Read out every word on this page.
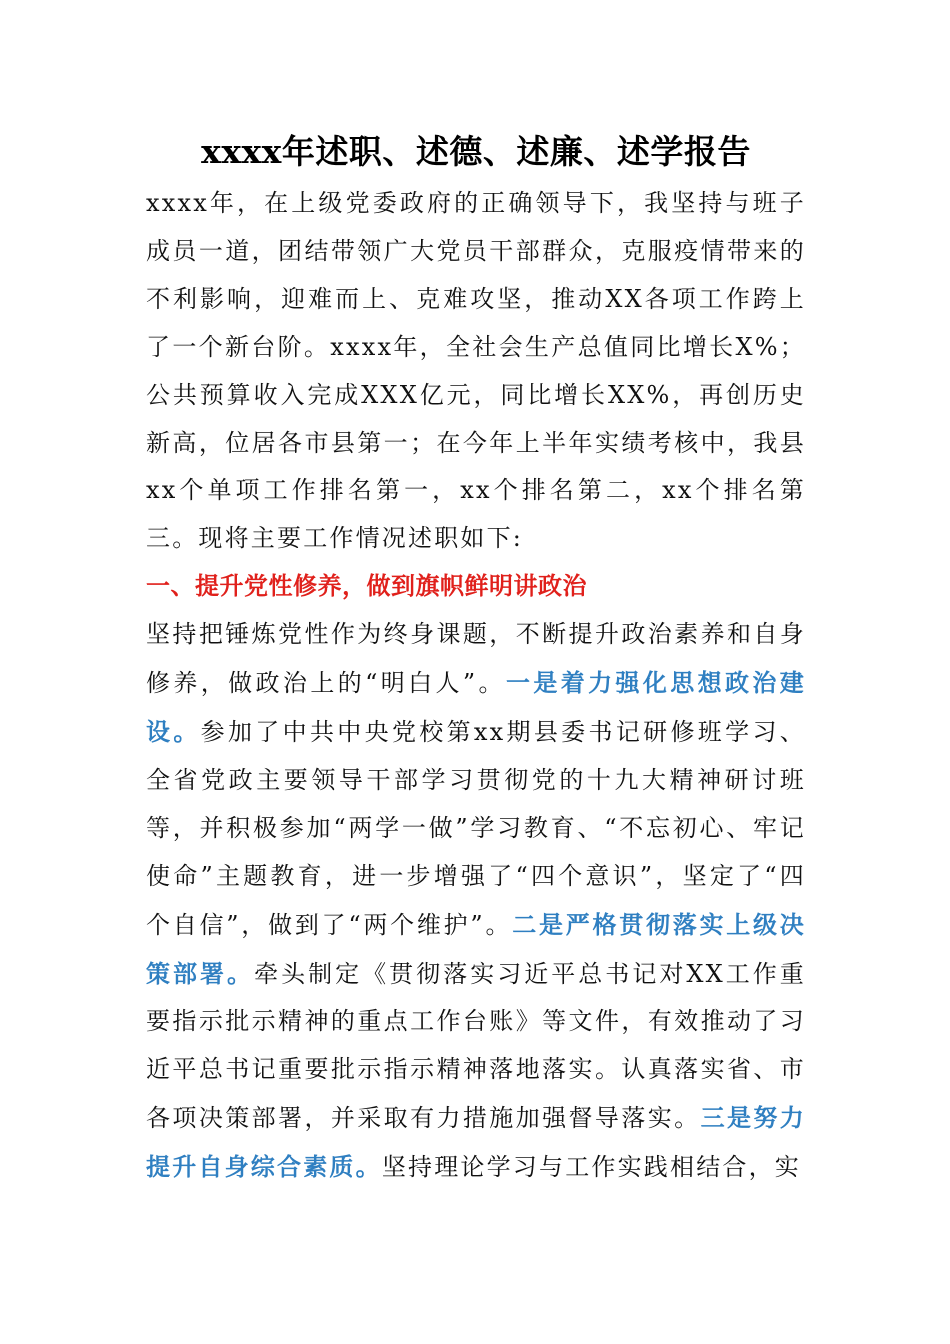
xxxx年述职、述德、述廉、述学报告

xxxx年，在上级党委政府的正确领导下，我坚持与班子成员一道，团结带领广大党员干部群众，克服疫情带来的不利影响，迎难而上、克难攻坚，推动XX各项工作跨上了一个新台阶。xxxx年，全社会生产总值同比增长X%；公共预算收入完成XXX亿元，同比增长XX%，再创历史新高，位居各市县第一；在今年上半年实绩考核中，我县xx个单项工作排名第一，xx个排名第二，xx个排名第三。现将主要工作情况述职如下:

一、提升党性修养，做到旗帜鲜明讲政治

坚持把锤炼党性作为终身课题，不断提升政治素养和自身修养，做政治上的“明白人”。一是着力强化思想政治建设。参加了中共中央党校第xx期县委书记研修班学习、全省党政主要领导干部学习贯彻党的十九大精神研讨班等，并积极参加“两学一做”学习教育、“不忘初心、牢记使命”主题教育，进一步增强了“四个意识”，坚定了“四个自信”，做到了“两个维护”。二是严格贯彻落实上级决策部署。牵头制定《贯彻落实习近平总书记对XX工作重要指示批示精神的重点工作台账》等文件，有效推动了习近平总书记重要批示指示精神落地落实。认真落实省、市各项决策部署，并采取有力措施加强督导落实。三是努力提升自身综合素质。坚持理论学习与工作实践相结合，实
